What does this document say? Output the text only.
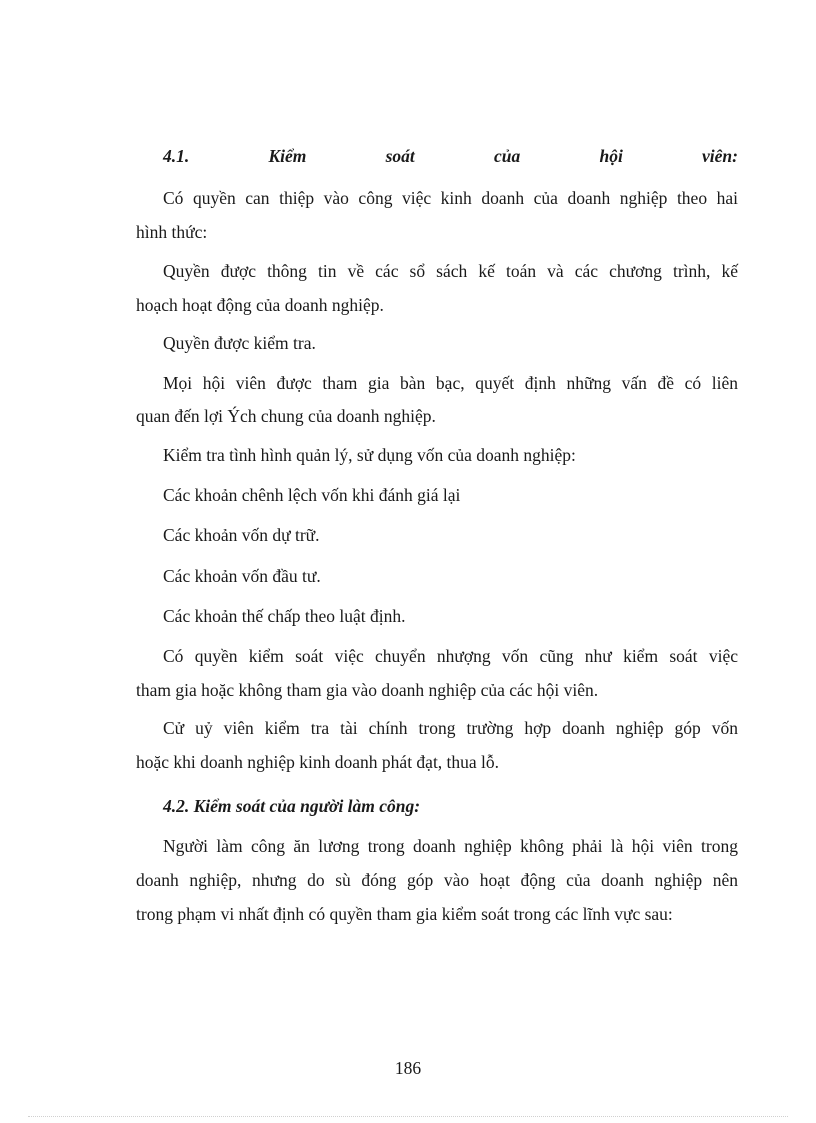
4.1. Kiểm soát của hội viên:
Có quyền can thiệp vào công việc kinh doanh của doanh nghiệp theo hai
hình thức:
Quyền được thông tin về các sổ sách kế toán và các chương trình, kế
hoạch hoạt động của doanh nghiệp.
Quyền được kiểm tra.
Mọi hội viên được tham gia bàn bạc, quyết định những vấn đề có liên
quan đến lợi Ých chung của doanh nghiệp.
Kiểm tra tình hình quản lý, sử dụng vốn của doanh nghiệp:
Các khoản chênh lệch vốn khi đánh giá lại
Các khoản vốn dự trữ.
Các khoản vốn đầu tư.
Các khoản thế chấp theo luật định.
Có quyền kiểm soát việc chuyển nhượng vốn cũng như kiểm soát việc
tham gia hoặc không tham gia vào doanh nghiệp của các hội viên.
Cử uỷ viên kiểm tra tài chính trong trường hợp doanh nghiệp góp vốn
hoặc khi doanh nghiệp kinh doanh phát đạt, thua lỗ.
4.2. Kiểm soát của người làm công:
Người làm công ăn lương trong doanh nghiệp không phải là hội viên trong
doanh nghiệp, nhưng do sù đóng góp vào hoạt động của doanh nghiệp nên
trong phạm vi nhất định có quyền tham gia kiểm soát trong các lĩnh vực sau:
186
